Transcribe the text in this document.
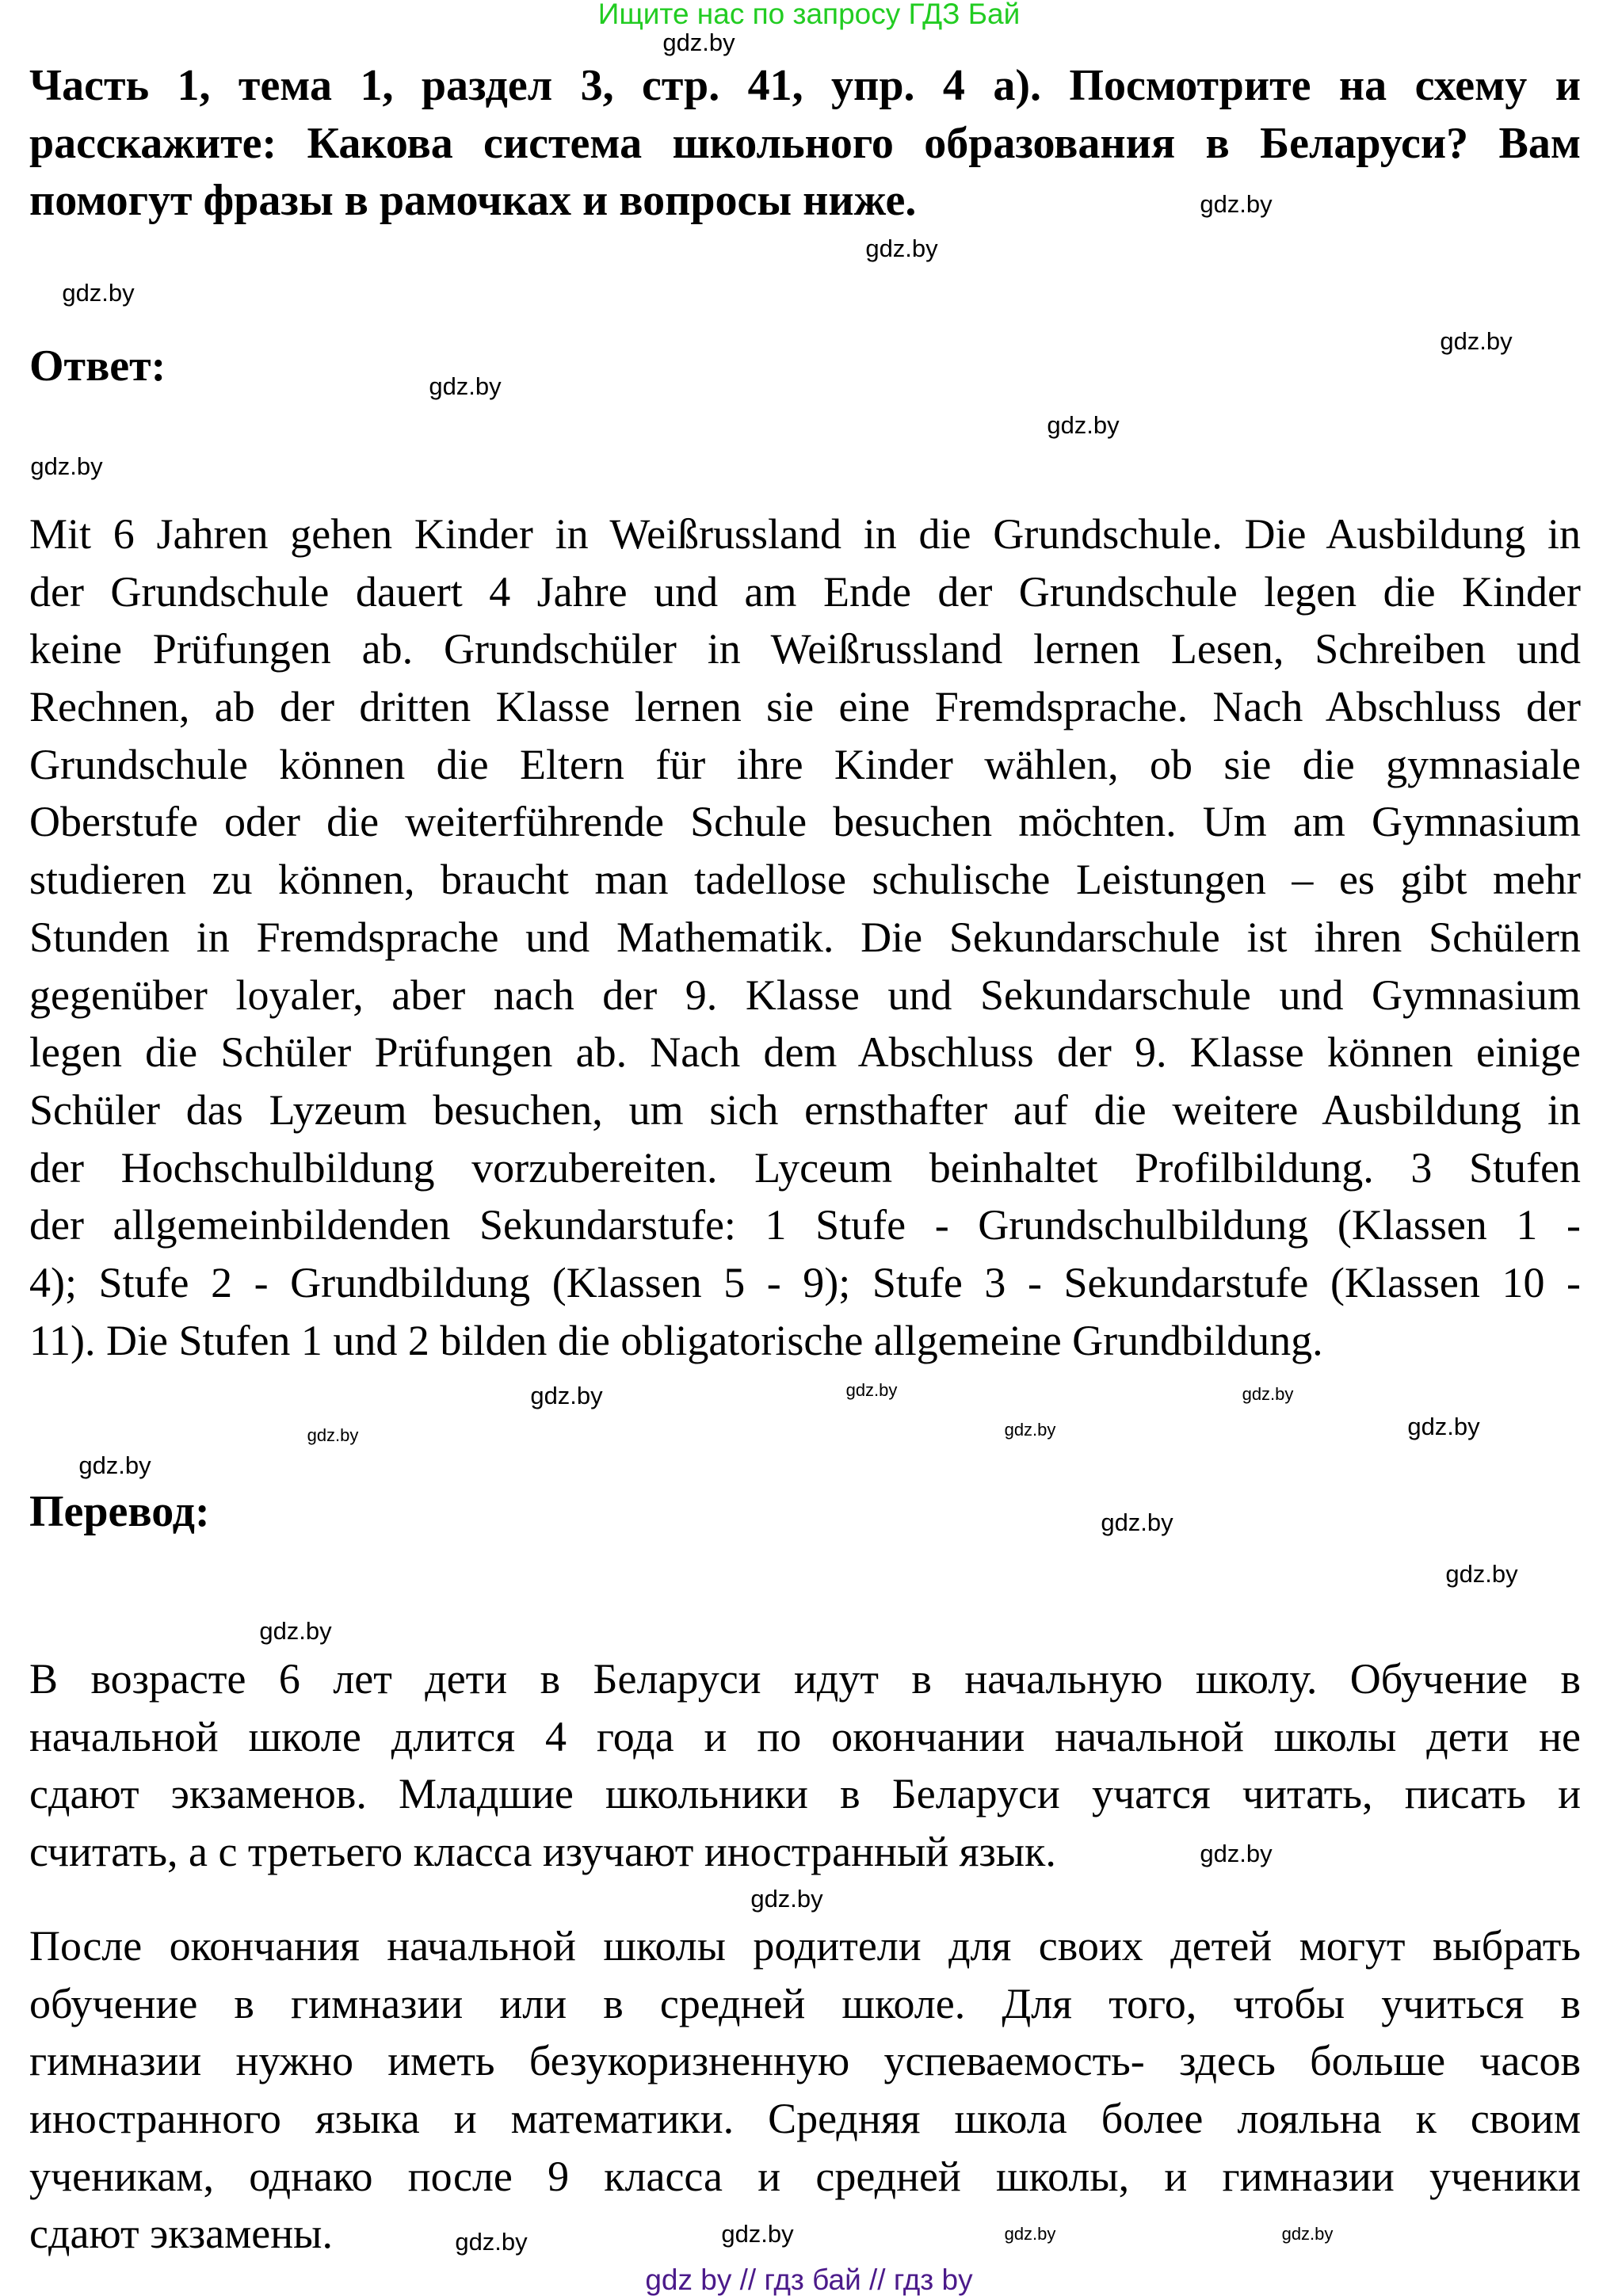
Ищите нас по запросу ГДЗ Бай
Часть 1, тема 1, раздел 3, стр. 41, упр. 4 а). Посмотрите на схему и
расскажите: Какова система школьного образования в Беларуси? Вам
помогут фразы в рамочках и вопросы ниже.
Ответ:
Mit 6 Jahren gehen Kinder in Weißrussland in die Grundschule. Die Ausbildung in
der Grundschule dauert 4 Jahre und am Ende der Grundschule legen die Kinder
keine Prüfungen ab. Grundschüler in Weißrussland lernen Lesen, Schreiben und
Rechnen, ab der dritten Klasse lernen sie eine Fremdsprache. Nach Abschluss der
Grundschule können die Eltern für ihre Kinder wählen, ob sie die gymnasiale
Oberstufe oder die weiterführende Schule besuchen möchten. Um am Gymnasium
studieren zu können, braucht man tadellose schulische Leistungen – es gibt mehr
Stunden in Fremdsprache und Mathematik. Die Sekundarschule ist ihren Schülern
gegenüber loyaler, aber nach der 9. Klasse und Sekundarschule und Gymnasium
legen die Schüler Prüfungen ab. Nach dem Abschluss der 9. Klasse können einige
Schüler das Lyzeum besuchen, um sich ernsthafter auf die weitere Ausbildung in
der Hochschulbildung vorzubereiten. Lyceum beinhaltet Profilbildung. 3 Stufen
der allgemeinbildenden Sekundarstufe: 1 Stufe - Grundschulbildung (Klassen 1 -
4); Stufe 2 - Grundbildung (Klassen 5 - 9); Stufe 3 - Sekundarstufe (Klassen 10 -
11). Die Stufen 1 und 2 bilden die obligatorische allgemeine Grundbildung.
Перевод:
В возрасте 6 лет дети в Беларуси идут в начальную школу. Обучение в
начальной школе длится 4 года и по окончании начальной школы дети не
сдают экзаменов. Младшие школьники в Беларуси учатся читать, писать и
считать, а с третьего класса изучают иностранный язык.
После окончания начальной школы родители для своих детей могут выбрать
обучение в гимназии или в средней школе. Для того, чтобы учиться в
гимназии нужно иметь безукоризненную успеваемость- здесь больше часов
иностранного языка и математики. Средняя школа более лояльна к своим
ученикам, однако после 9 класса и средней школы, и гимназии ученики
сдают экзамены.
gdz.by
gdz.by
gdz.by
gdz.by
gdz.by
gdz.by
gdz.by
gdz.by
gdz.by
gdz.by
gdz.by
gdz.by
gdz.by
gdz.by
gdz.by
gdz.by
gdz.by
gdz.by
gdz.by
gdz.by
gdz.by	gdz.by
gdz.by
gdz.by
gdz by // гдз бай // гдз by
